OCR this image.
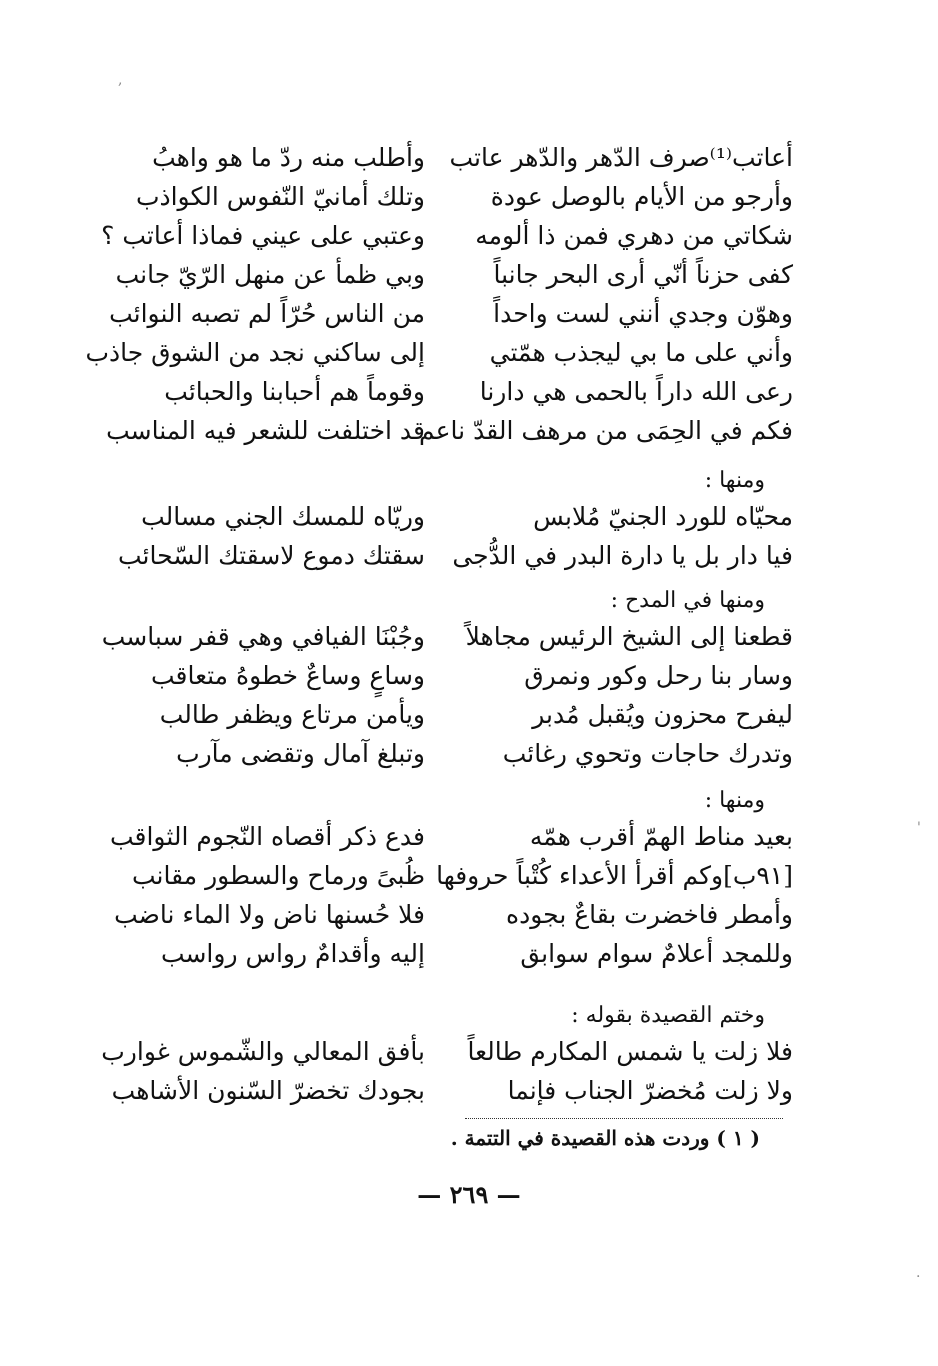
أعاتب⁽¹⁾صرف الدّهر والدّهر عاتب
وأطلب منه ردّ ما هو واهبُ
وأرجو من الأيام بالوصل عودة
وتلك أمانيّ النّفوس الكواذب
شكاتي من دهري فمن ذا ألومه
وعتبي على عيني فماذا أعاتب ؟
كفى حزناً أنّي أرى البحر جانباً
وبي ظمأ عن منهل الرّيّ جانب
وهوّن وجدي أنني لست واحداً
من الناس حُرّاً لم تصبه النوائب
وأني على ما بي ليجذب همّتي
إلى ساكني نجد من الشوق جاذب
رعى الله داراً بالحمى هي دارنا
وقوماً هم أحبابنا والحبائب
فكم في الحِمَى من مرهف القدّ ناعم
قد اختلفت للشعر فيه المناسب
ومنها :
محيّاه للورد الجنيّ مُلابس
وريّاه للمسك الجني مسالب
فيا دار بل يا دارة البدر في الدُّجى
سقتك دموع لاسقتك السّحائب
ومنها في المدح :
قطعنا إلى الشيخ الرئيس مجاهلاً
وجُبْنَا الفيافي وهي قفر سباسب
وسار بنا رحل وكور ونمرق
وساعٍ وساعٌ خطوهُ متعاقب
ليفرح محزون ويُقبل مُدبر
ويأمن مرتاع ويظفر طالب
وتدرك حاجات وتحوي رغائب
وتبلغ آمال وتقضى مآرب
ومنها :
بعيد مناط الهمّ أقرب همّه
فدع ذكر أقصاه النّجوم الثواقب
[٩١ب]وكم أقرأ الأعداء كُتْباً حروفها
ظُبىً ورماح والسطور مقانب
وأمطر فاخضرت بقاعٌ بجوده
فلا حُسنها ناض ولا الماء ناضب
وللمجد أعلامٌ سوام سوابق
إليه وأقدامٌ رواس رواسب
وختم القصيدة بقوله :
فلا زلت يا شمس المكارم طالعاً
بأفق المعالي والشّموس غوارب
ولا زلت مُخضرّ الجناب فإنما
بجودك تخضرّ السّنون الأشاهب
( ١ ) وردت هذه القصيدة في التتمة .
— ٢٦٩ —
,
'
.
